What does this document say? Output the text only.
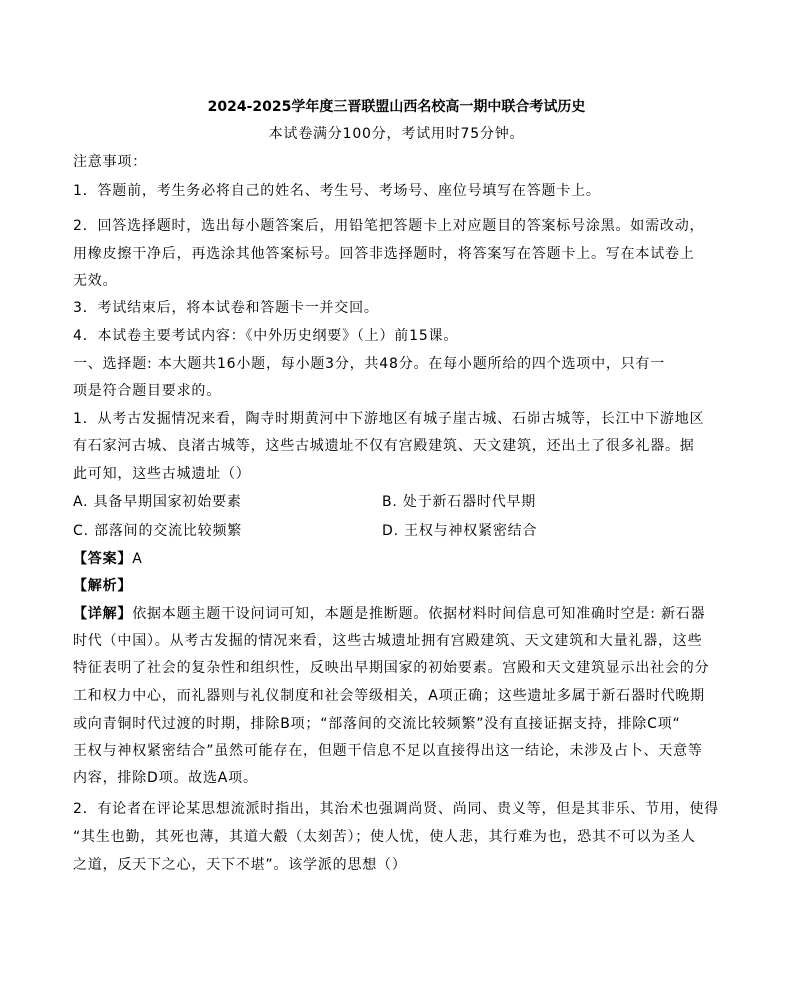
2024-2025学年度三晋联盟山西名校高一期中联合考试历史

本试卷满分100分，考试用时75分钟。

注意事项：

1．答题前，考生务必将自己的姓名、考生号、考场号、座位号填写在答题卡上。

2．回答选择题时，选出每小题答案后，用铅笔把答题卡上对应题目的答案标号涂黑。如需改动，

用橡皮擦干净后，再选涂其他答案标号。回答非选择题时，将答案写在答题卡上。写在本试卷上

无效。

3．考试结束后，将本试卷和答题卡一并交回。

4．本试卷主要考试内容：《中外历史纲要》（上）前15课。

一、选择题: 本大题共16小题，每小题3分，共48分。在每小题所给的四个选项中，只有一

项是符合题目要求的。

1．从考古发掘情况来看，陶寺时期黄河中下游地区有城子崖古城、石峁古城等，长江中下游地区

有石家河古城、良渚古城等，这些古城遗址不仅有宫殿建筑、天文建筑，还出土了很多礼器。据

此可知，这些古城遗址（）

A. 具备早期国家初始要素	B. 处于新石器时代早期

C. 部落间的交流比较频繁	D. 王权与神权紧密结合

【答案】A

【解析】

【详解】依据本题主题干设问词可知，本题是推断题。依据材料时间信息可知准确时空是: 新石器

时代（中国）。从考古发掘的情况来看，这些古城遗址拥有宫殿建筑、天文建筑和大量礼器，这些

特征表明了社会的复杂性和组织性，反映出早期国家的初始要素。宫殿和天文建筑显示出社会的分

工和权力中心，而礼器则与礼仪制度和社会等级相关，A项正确；这些遗址多属于新石器时代晚期

或向青铜时代过渡的时期，排除B项；“部落间的交流比较频繁”没有直接证据支持，排除C项“

王权与神权紧密结合”虽然可能存在，但题干信息不足以直接得出这一结论，未涉及占卜、天意等

内容，排除D项。故选A项。

2．有论者在评论某思想流派时指出，其治术也强调尚贤、尚同、贵义等，但是其非乐、节用，使得

“其生也勤，其死也薄，其道大觳（太刻苦）；使人忧，使人悲，其行难为也，恐其不可以为圣人

之道，反天下之心，天下不堪”。该学派的思想（）
